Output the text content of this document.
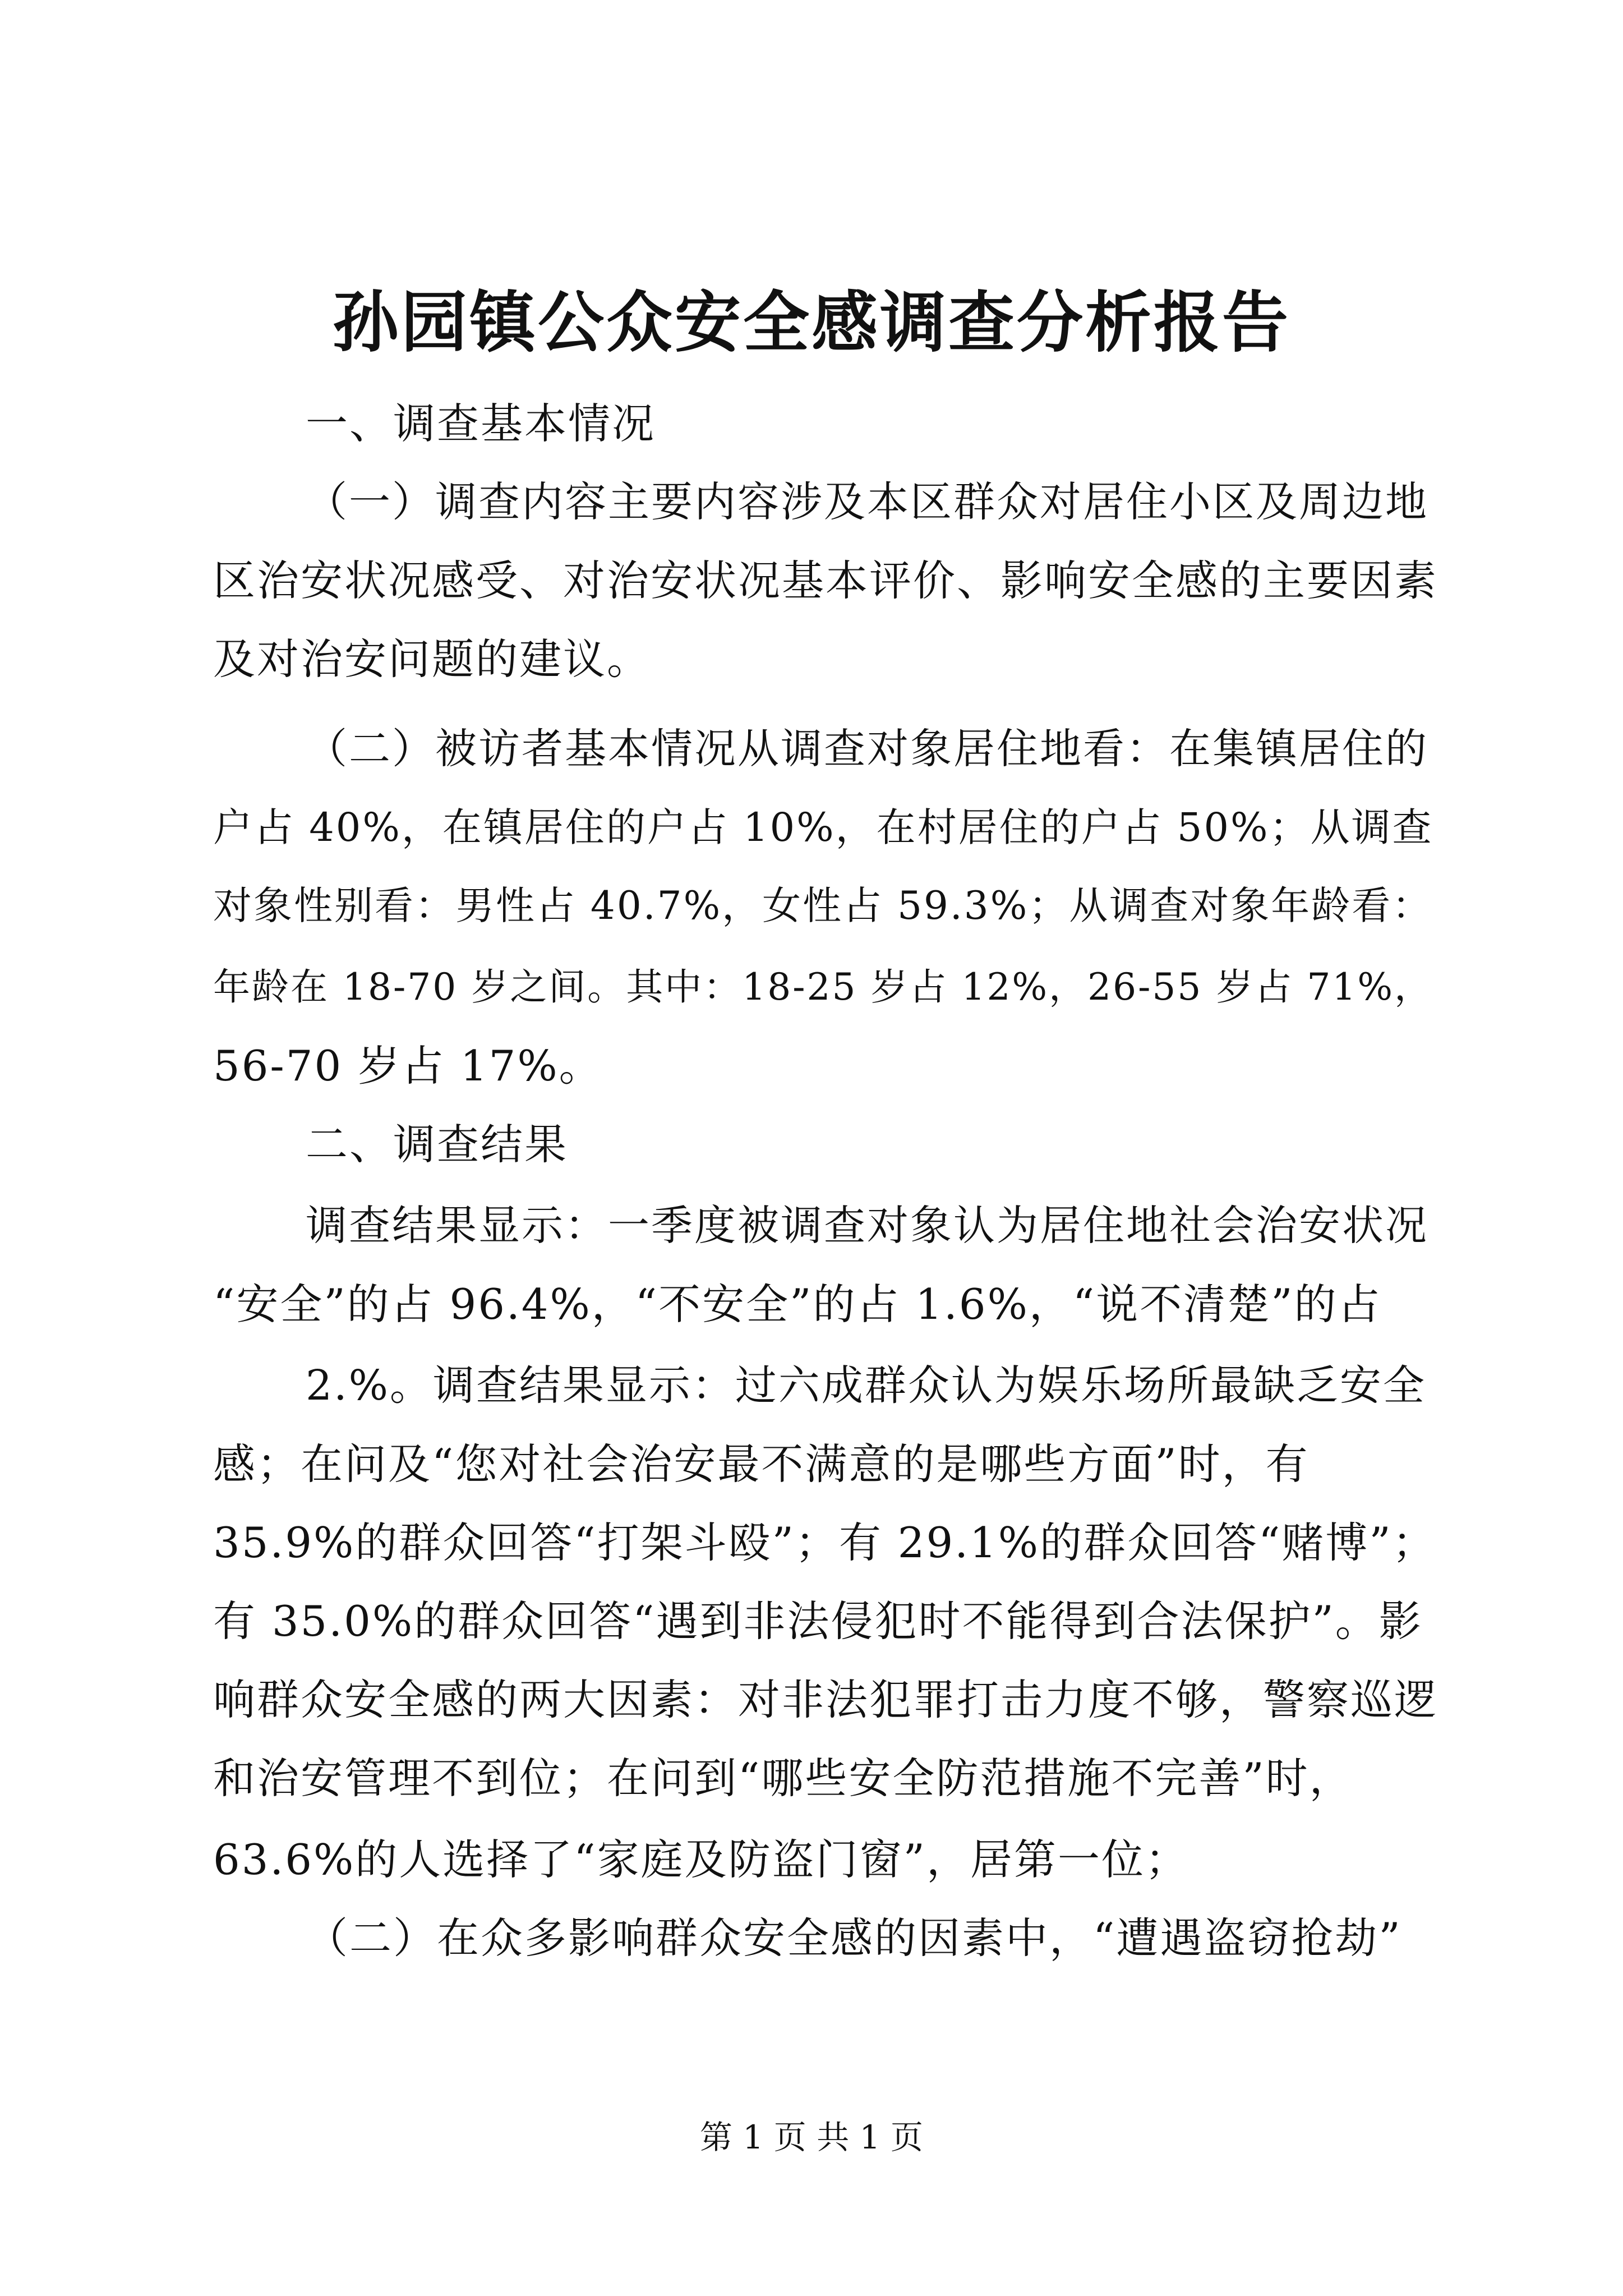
孙园镇公众安全感调查分析报告
一、调查基本情况
（一）调查内容主要内容涉及本区群众对居住小区及周边地
区治安状况感受、对治安状况基本评价、影响安全感的主要因素
及对治安问题的建议。
（二）被访者基本情况从调查对象居住地看：在集镇居住的
户占 40%，在镇居住的户占 10%，在村居住的户占 50%；从调查
对象性别看：男性占 40.7%，女性占 59.3%；从调查对象年龄看：
年龄在 18-70 岁之间。其中：18-25 岁占 12%，26-55 岁占 71%，
56-70 岁占 17%。
二、调查结果
调查结果显示：一季度被调查对象认为居住地社会治安状况
“安全”的占 96.4%，“不安全”的占 1.6%，“说不清楚”的占
2.%。调查结果显示：过六成群众认为娱乐场所最缺乏安全
感；在问及“您对社会治安最不满意的是哪些方面”时，有
35.9%的群众回答“打架斗殴”；有 29.1%的群众回答“赌博”；
有 35.0%的群众回答“遇到非法侵犯时不能得到合法保护”。影
响群众安全感的两大因素：对非法犯罪打击力度不够，警察巡逻
和治安管理不到位；在问到“哪些安全防范措施不完善”时，
63.6%的人选择了“家庭及防盗门窗”，居第一位；
（二）在众多影响群众安全感的因素中，“遭遇盗窃抢劫”
第 1 页 共 1 页
